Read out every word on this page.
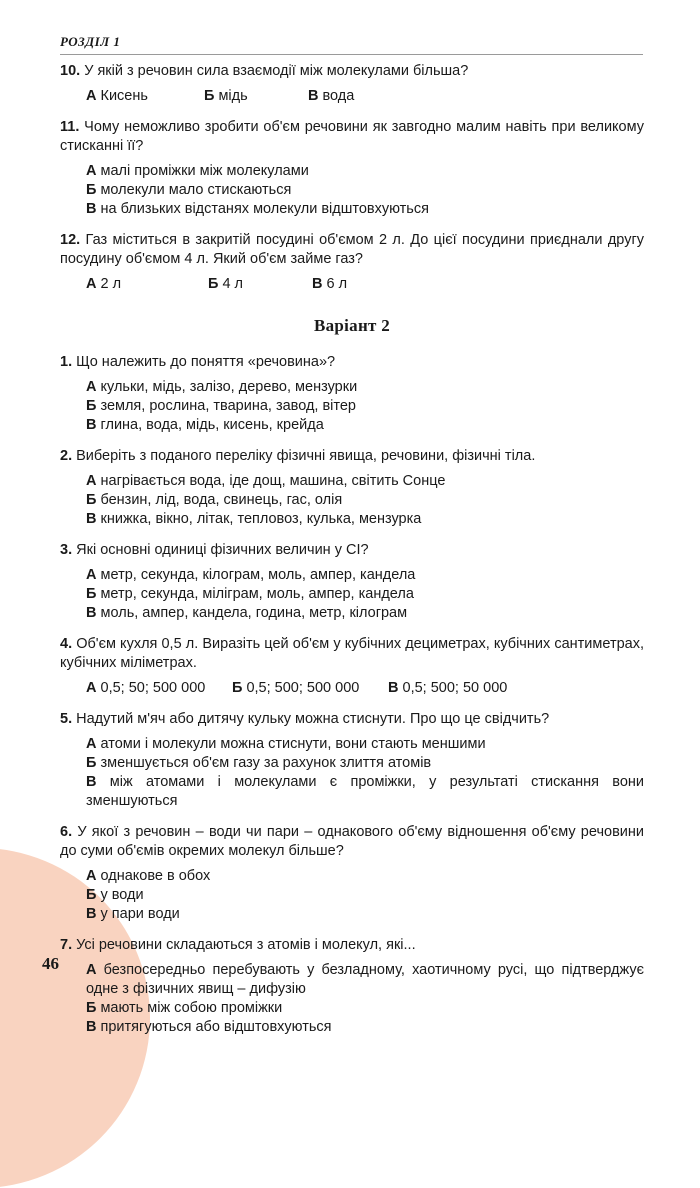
РОЗДІЛ 1
10. У якій з речовин сила взаємодії між молекулами більша?
А Кисень	Б мідь	В вода
11. Чому неможливо зробити об'єм речовини як завгодно малим навіть при великому стисканні її?
А малі проміжки між молекулами
Б молекули мало стискаються
В на близьких відстанях молекули відштовхуються
12. Газ міститься в закритій посудині об'ємом 2 л. До цієї посудини приєднали другу посудину об'ємом 4 л. Який об'єм займе газ?
А 2 л	Б 4 л	В 6 л
Варіант 2
1. Що належить до поняття «речовина»?
А кульки, мідь, залізо, дерево, мензурки
Б земля, рослина, тварина, завод, вітер
В глина, вода, мідь, кисень, крейда
2. Виберіть з поданого переліку фізичні явища, речовини, фізичні тіла.
А нагрівається вода, іде дощ, машина, світить Сонце
Б бензин, лід, вода, свинець, гас, олія
В книжка, вікно, літак, тепловоз, кулька, мензурка
3. Які основні одиниці фізичних величин у СІ?
А метр, секунда, кілограм, моль, ампер, кандела
Б метр, секунда, міліграм, моль, ампер, кандела
В моль, ампер, кандела, година, метр, кілограм
4. Об'єм кухля 0,5 л. Виразіть цей об'єм у кубічних дециметрах, кубічних сантиметрах, кубічних міліметрах.
А 0,5; 50; 500 000	Б 0,5; 500; 500 000	В 0,5; 500; 50 000
5. Надутий м'яч або дитячу кульку можна стиснути. Про що це свідчить?
А атоми і молекули можна стиснути, вони стають меншими
Б зменшується об'єм газу за рахунок злиття атомів
В між атомами і молекулами є проміжки, у результаті стискання вони зменшуються
6. У якої з речовин – води чи пари – однакового об'єму відношення об'єму речовини до суми об'ємів окремих молекул більше?
А однакове в обох
Б у води
В у пари води
7. Усі речовини складаються з атомів і молекул, які...
А безпосередньо перебувають у безладному, хаотичному русі, що підтверджує одне з фізичних явищ – дифузію
Б мають між собою проміжки
В притягуються або відштовхуються
46
